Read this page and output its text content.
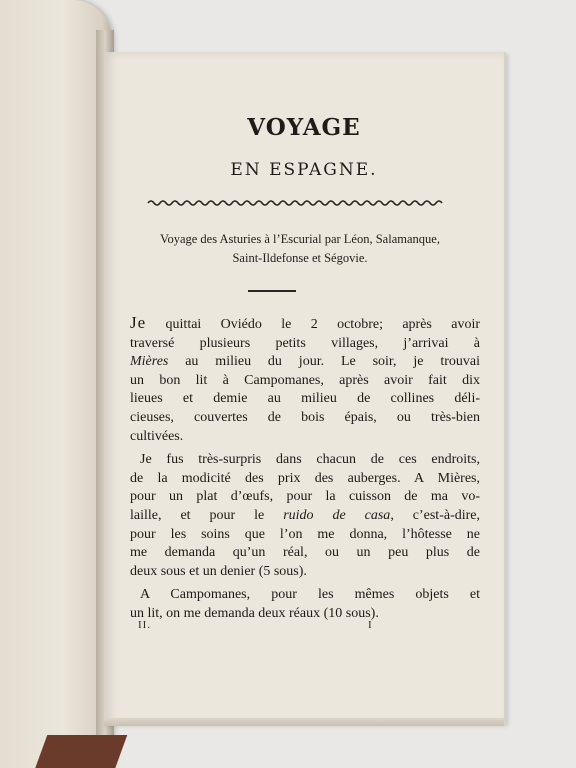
VOYAGE
EN ESPAGNE.
Voyage des Asturies à l’Escurial par Léon, Salamanque,
Saint-Ildefonse et Ségovie.

Je quittai Oviédo le 2 octobre; après avoir
traversé plusieurs petits villages, j’arrivai à
Mières au milieu du jour. Le soir, je trouvai
un bon lit à Campomanes, après avoir fait dix
lieues et demie au milieu de collines déli-
cieuses, couvertes de bois épais, ou très-bien
cultivées.

Je fus très-surpris dans chacun de ces endroits,
de la modicité des prix des auberges. A Mières,
pour un plat d’œufs, pour la cuisson de ma vo-
laille, et pour le ruido de casa, c’est-à-dire,
pour les soins que l’on me donna, l’hôtesse ne
me demanda qu’un réal, ou un peu plus de
deux sous et un denier (5 sous).

A Campomanes, pour les mêmes objets et
un lit, on me demanda deux réaux (10 sous).

II.	I
